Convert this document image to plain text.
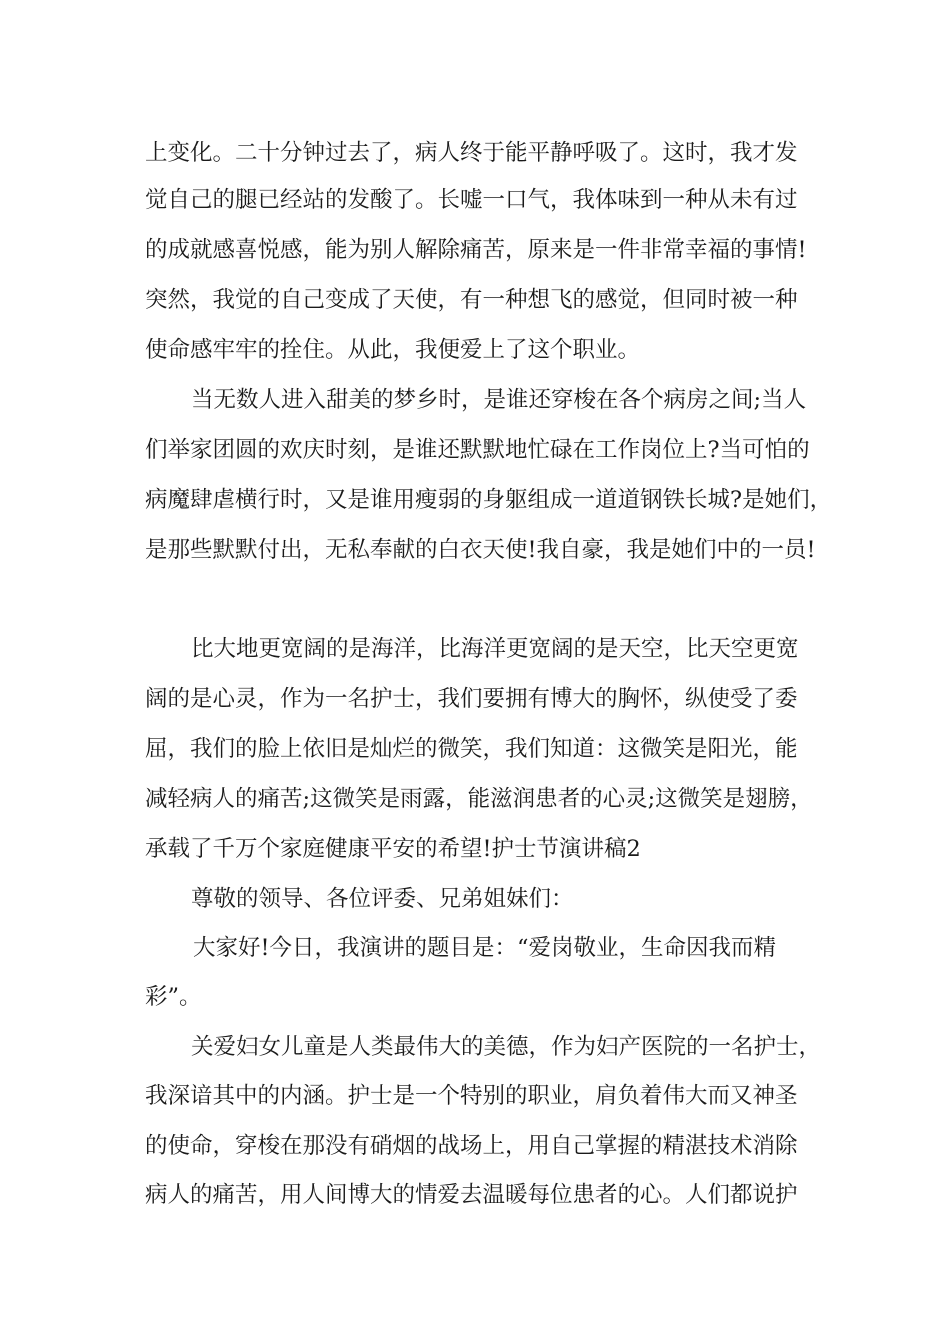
上变化。二十分钟过去了，病人终于能平静呼吸了。这时，我才发

觉自己的腿已经站的发酸了。长嘘一口气，我体味到一种从未有过

的成就感喜悦感，能为别人解除痛苦，原来是一件非常幸福的事情!

突然，我觉的自己变成了天使，有一种想飞的感觉，但同时被一种

使命感牢牢的拴住。从此，我便爱上了这个职业。

当无数人进入甜美的梦乡时，是谁还穿梭在各个病房之间;当人

们举家团圆的欢庆时刻，是谁还默默地忙碌在工作岗位上?当可怕的

病魔肆虐横行时，又是谁用瘦弱的身躯组成一道道钢铁长城?是她们，

是那些默默付出，无私奉献的白衣天使!我自豪，我是她们中的一员!

比大地更宽阔的是海洋，比海洋更宽阔的是天空，比天空更宽

阔的是心灵，作为一名护士，我们要拥有博大的胸怀，纵使受了委

屈，我们的脸上依旧是灿烂的微笑，我们知道：这微笑是阳光，能

减轻病人的痛苦;这微笑是雨露，能滋润患者的心灵;这微笑是翅膀，

承载了千万个家庭健康平安的希望!护士节演讲稿2

尊敬的领导、各位评委、兄弟姐妹们：

大家好!今日，我演讲的题目是：“爱岗敬业，生命因我而精

彩”。

关爱妇女儿童是人类最伟大的美德，作为妇产医院的一名护士，

我深谙其中的内涵。护士是一个特别的职业，肩负着伟大而又神圣

的使命，穿梭在那没有硝烟的战场上，用自己掌握的精湛技术消除

病人的痛苦，用人间博大的情爱去温暖每位患者的心。人们都说护
